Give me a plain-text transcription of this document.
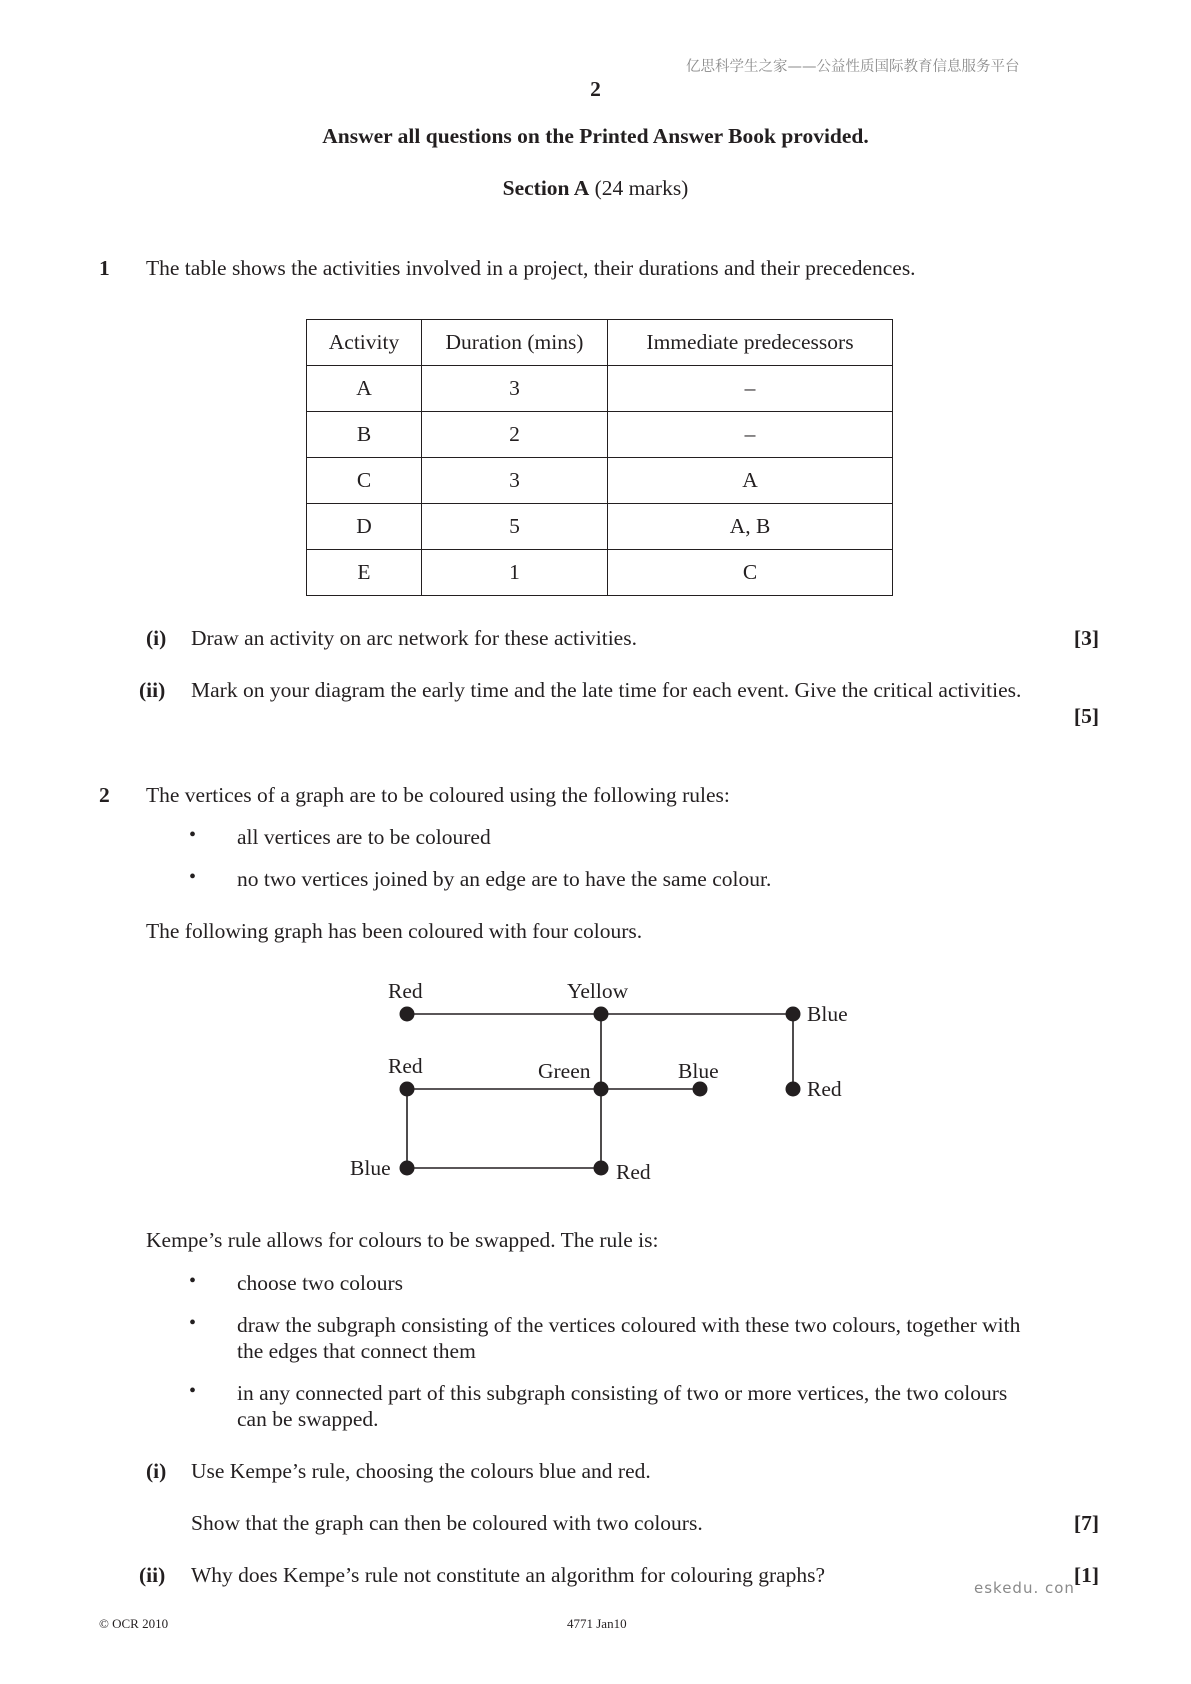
亿思科学生之家——公益性质国际教育信息服务平台
2
Answer all questions on the Printed Answer Book provided.
Section A (24 marks)
1 The table shows the activities involved in a project, their durations and their precedences.
Activity	Duration (mins)	Immediate predecessors
A	3	–
B	2	–
C	3	A
D	5	A, B
E	1	C
(i) Draw an activity on arc network for these activities.	[3]
(ii) Mark on your diagram the early time and the late time for each event. Give the critical activities.
[5]
2 The vertices of a graph are to be coloured using the following rules:
• all vertices are to be coloured
• no two vertices joined by an edge are to have the same colour.
The following graph has been coloured with four colours.
Red	Yellow
Blue
Red	Green	Blue
Red
Blue	Red
Kempe’s rule allows for colours to be swapped. The rule is:
• choose two colours
• draw the subgraph consisting of the vertices coloured with these two colours, together with
the edges that connect them
• in any connected part of this subgraph consisting of two or more vertices, the two colours
can be swapped.
(i) Use Kempe’s rule, choosing the colours blue and red.
Show that the graph can then be coloured with two colours.	[7]
(ii) Why does Kempe’s rule not constitute an algorithm for colouring graphs?	[1]
eskedu. con
© OCR 2010	4771 Jan10
